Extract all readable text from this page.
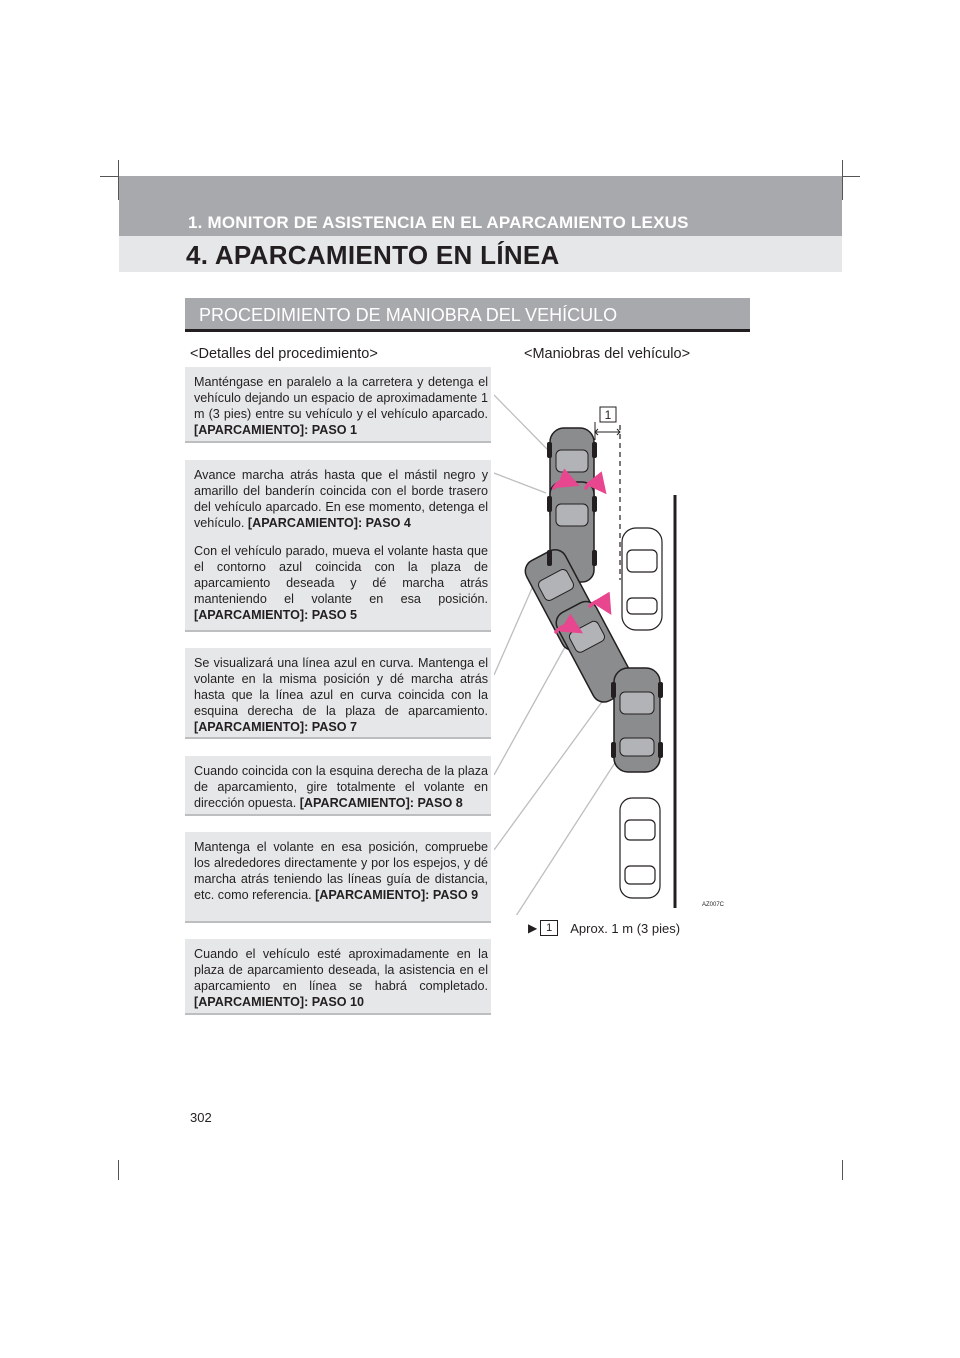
1. MONITOR DE ASISTENCIA EN EL APARCAMIENTO LEXUS
4. APARCAMIENTO EN LÍNEA
PROCEDIMIENTO DE MANIOBRA DEL VEHÍCULO
<Detalles del procedimiento>	<Maniobras del vehículo>

Manténgase en paralelo a la carretera y detenga el vehículo dejando un espacio de aproximadamente 1 m (3 pies) entre su vehículo y el vehículo aparcado. [APARCAMIENTO]: PASO 1

Avance marcha atrás hasta que el mástil negro y amarillo del banderín coincida con el borde trasero del vehículo aparcado. En ese momento, detenga el vehículo. [APARCAMIENTO]: PASO 4

Con el vehículo parado, mueva el volante hasta que el contorno azul coincida con la plaza de aparcamiento deseada y dé marcha atrás manteniendo el volante en esa posición. [APARCAMIENTO]: PASO 5

Se visualizará una línea azul en curva. Mantenga el volante en la misma posición y dé marcha atrás hasta que la línea azul en curva coincida con la esquina derecha de la plaza de aparcamiento. [APARCAMIENTO]: PASO 7

Cuando coincida con la esquina derecha de la plaza de aparcamiento, gire totalmente el volante en dirección opuesta. [APARCAMIENTO]: PASO 8

Mantenga el volante en esa posición, compruebe los alrededores directamente y por los espejos, y dé marcha atrás teniendo las líneas guía de distancia, etc. como referencia. [APARCAMIENTO]: PASO 9

Cuando el vehículo esté aproximadamente en la plaza de aparcamiento deseada, la asistencia en el aparcamiento en línea se habrá completado. [APARCAMIENTO]: PASO 10

1
AZ007C
▶ 1	Aprox. 1 m (3 pies)
302
